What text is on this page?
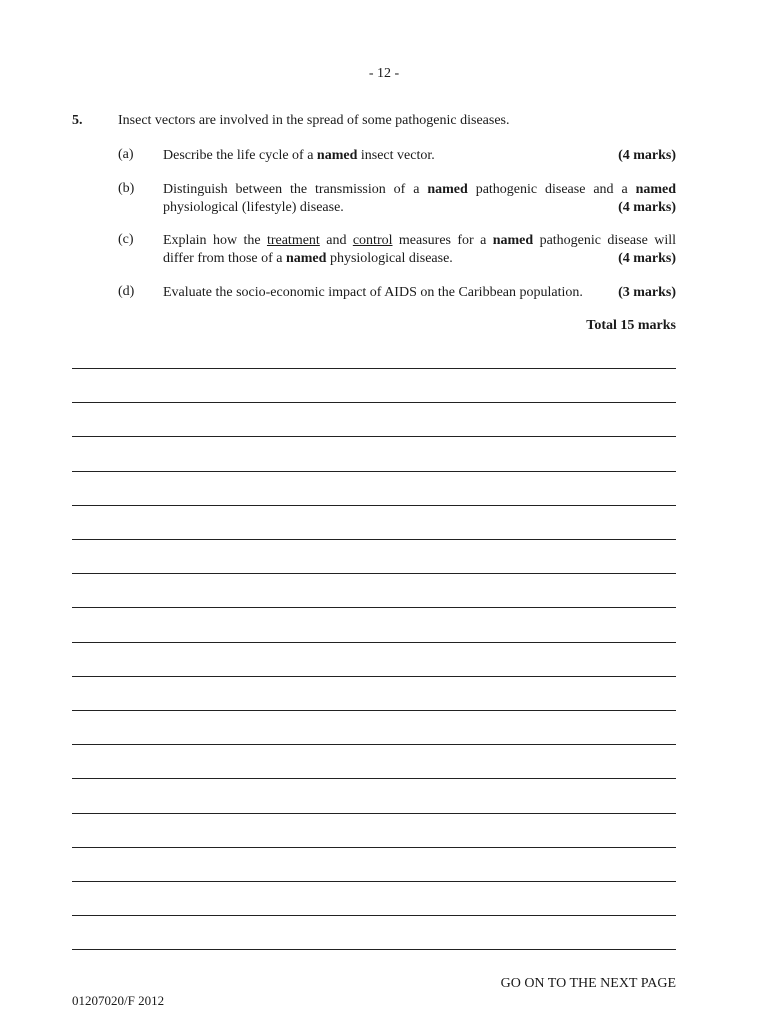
- 12 -
5.	Insect vectors are involved in the spread of some pathogenic diseases.
(a) Describe the life cycle of a named insect vector.	(4 marks)
(b) Distinguish between the transmission of a named pathogenic disease and a named
physiological (lifestyle) disease.	(4 marks)
(c) Explain how the treatment and control measures for a named pathogenic disease will
differ from those of a named physiological disease.	(4 marks)
(d) Evaluate the socio-economic impact of AIDS on the Caribbean population.	(3 marks)
Total 15 marks
GO ON TO THE NEXT PAGE
01207020/F 2012
